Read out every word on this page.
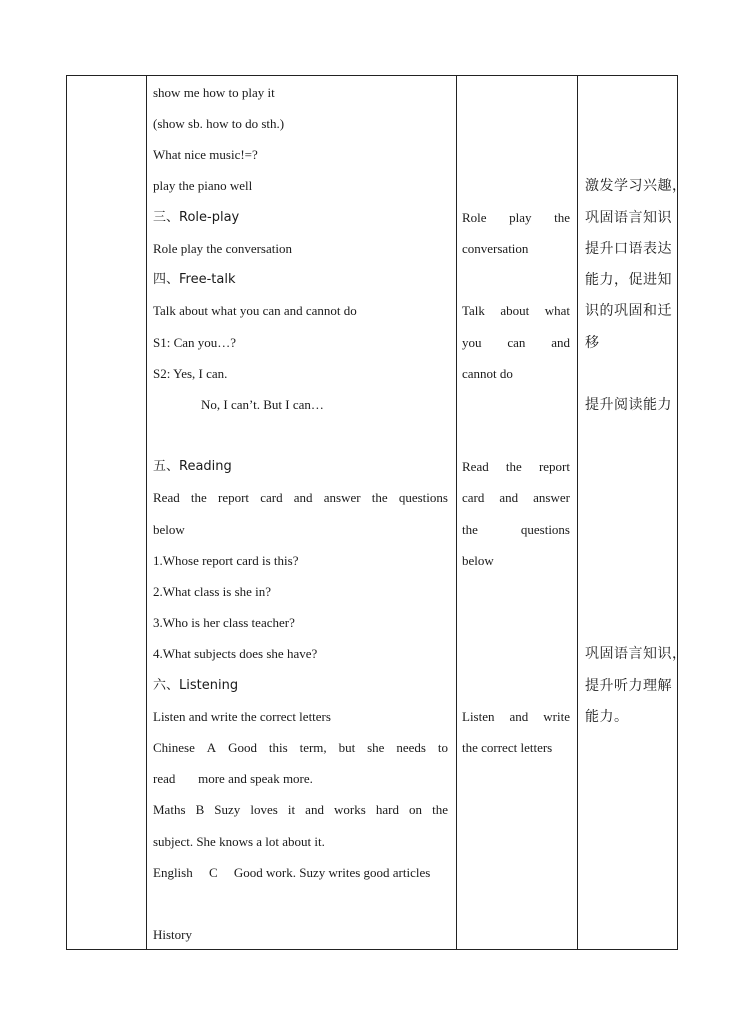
show me how to play it
(show sb. how to do sth.)
What nice music!=?
play the piano well
三、Role-play
Role play the conversation
四、Free-talk
Talk about what you can and cannot do
S1: Can you…?
S2: Yes, I can.
No, I can’t. But I can…
五、Reading
Read the report card and answer the questions
below
1.Whose report card is this?
2.What class is she in?
3.Who is her class teacher?
4.What subjects does she have?
六、Listening
Listen and write the correct letters
Chinese A Good this term, but she needs to
read       more and speak more.
Maths B Suzy loves it and works hard on the
subject. She knows a lot about it.
English     C     Good work. Suzy writes good articles
History
Role play the
conversation
Talk about what
you can and
cannot do
Read the report
card and answer
the	questions
below
Listen and write
the correct letters
激发学习兴趣，
巩固语言知识
提升口语表达
能力，促进知
识的巩固和迁
移
提升阅读能力
巩固语言知识，
提升听力理解
能力。
